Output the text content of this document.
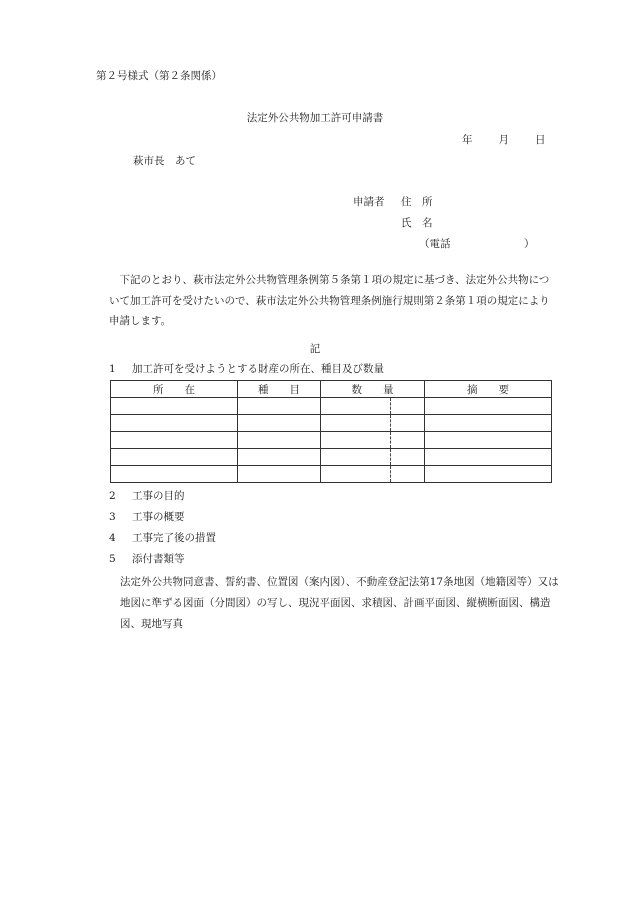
第２号様式（第２条関係）
法定外公共物加工許可申請書
年 月 日
萩市長　あて
申請者 住　所
氏　名
（電話　　　　　　　）
　下記のとおり、萩市法定外公共物管理条例第５条第１項の規定に基づき、法定外公共物について加工許可を受けたいので、萩市法定外公共物管理条例施行規則第２条第１項の規定により申請します。
記
1 加工許可を受けようとする財産の所在、種目及び数量
所　　在	種　　目	数　　量		摘　　要

2 工事の目的
3 工事の概要
4 工事完了後の措置
5 添付書類等
法定外公共物同意書、誓約書、位置図（案内図）、不動産登記法第17条地図（地籍図等）又は地図に準ずる図面（分間図）の写し、現況平面図、求積図、計画平面図、縦横断面図、構造図、現地写真
